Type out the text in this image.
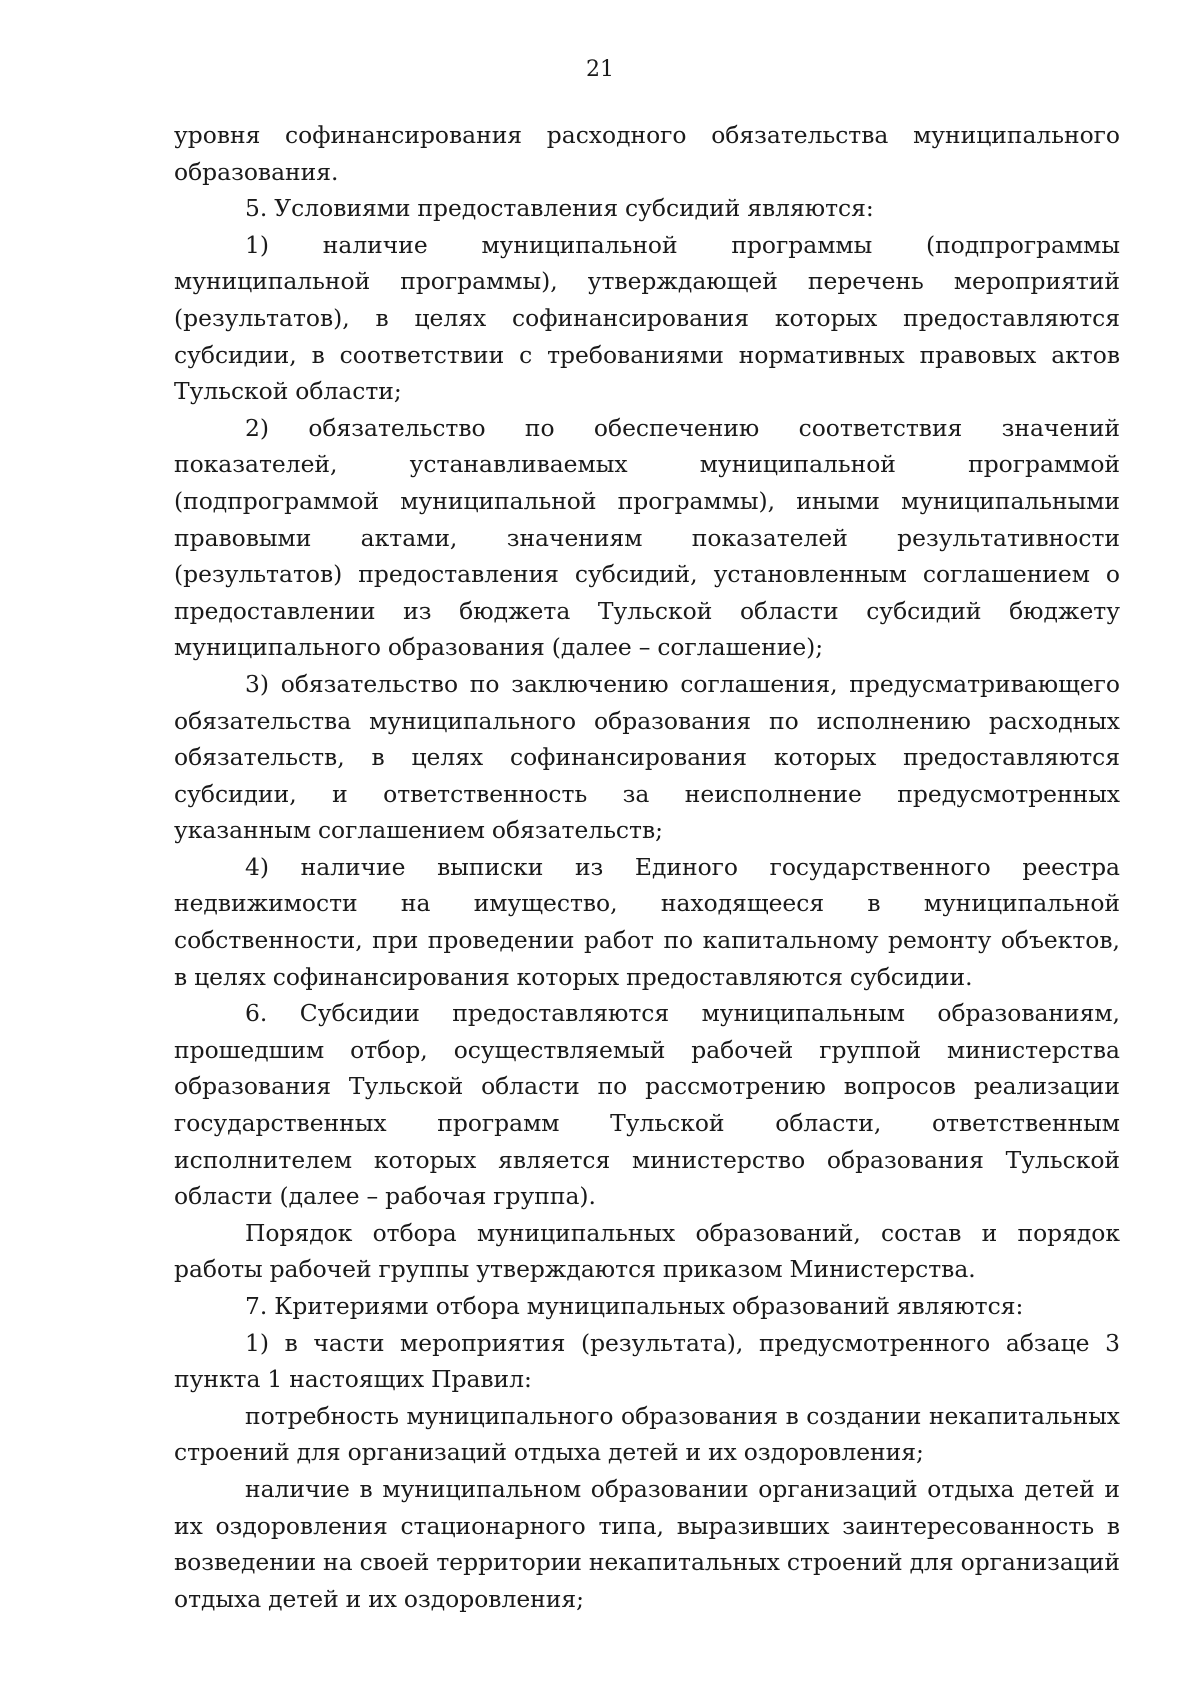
21

уровня софинансирования расходного обязательства муниципального образования.

5. Условиями предоставления субсидий являются:

1) наличие муниципальной программы (подпрограммы муниципальной программы), утверждающей перечень мероприятий (результатов), в целях софинансирования которых предоставляются субсидии, в соответствии с требованиями нормативных правовых актов Тульской области;

2) обязательство по обеспечению соответствия значений показателей, устанавливаемых муниципальной программой (подпрограммой муниципальной программы), иными муниципальными правовыми актами, значениям показателей результативности (результатов) предоставления субсидий, установленным соглашением о предоставлении из бюджета Тульской области субсидий бюджету муниципального образования (далее – соглашение);

3) обязательство по заключению соглашения, предусматривающего обязательства муниципального образования по исполнению расходных обязательств, в целях софинансирования которых предоставляются субсидии, и ответственность за неисполнение предусмотренных указанным соглашением обязательств;

4) наличие выписки из Единого государственного реестра недвижимости на имущество, находящееся в муниципальной собственности, при проведении работ по капитальному ремонту объектов, в целях софинансирования которых предоставляются субсидии.

6. Субсидии предоставляются муниципальным образованиям, прошедшим отбор, осуществляемый рабочей группой министерства образования Тульской области по рассмотрению вопросов реализации государственных программ Тульской области, ответственным исполнителем которых является министерство образования Тульской области (далее – рабочая группа).

Порядок отбора муниципальных образований, состав и порядок работы рабочей группы утверждаются приказом Министерства.

7. Критериями отбора муниципальных образований являются:

1) в части мероприятия (результата), предусмотренного абзаце 3 пункта 1 настоящих Правил:

потребность муниципального образования в создании некапитальных строений для организаций отдыха детей и их оздоровления;

наличие в муниципальном образовании организаций отдыха детей и их оздоровления стационарного типа, выразивших заинтересованность в возведении на своей территории некапитальных строений для организаций отдыха детей и их оздоровления;
